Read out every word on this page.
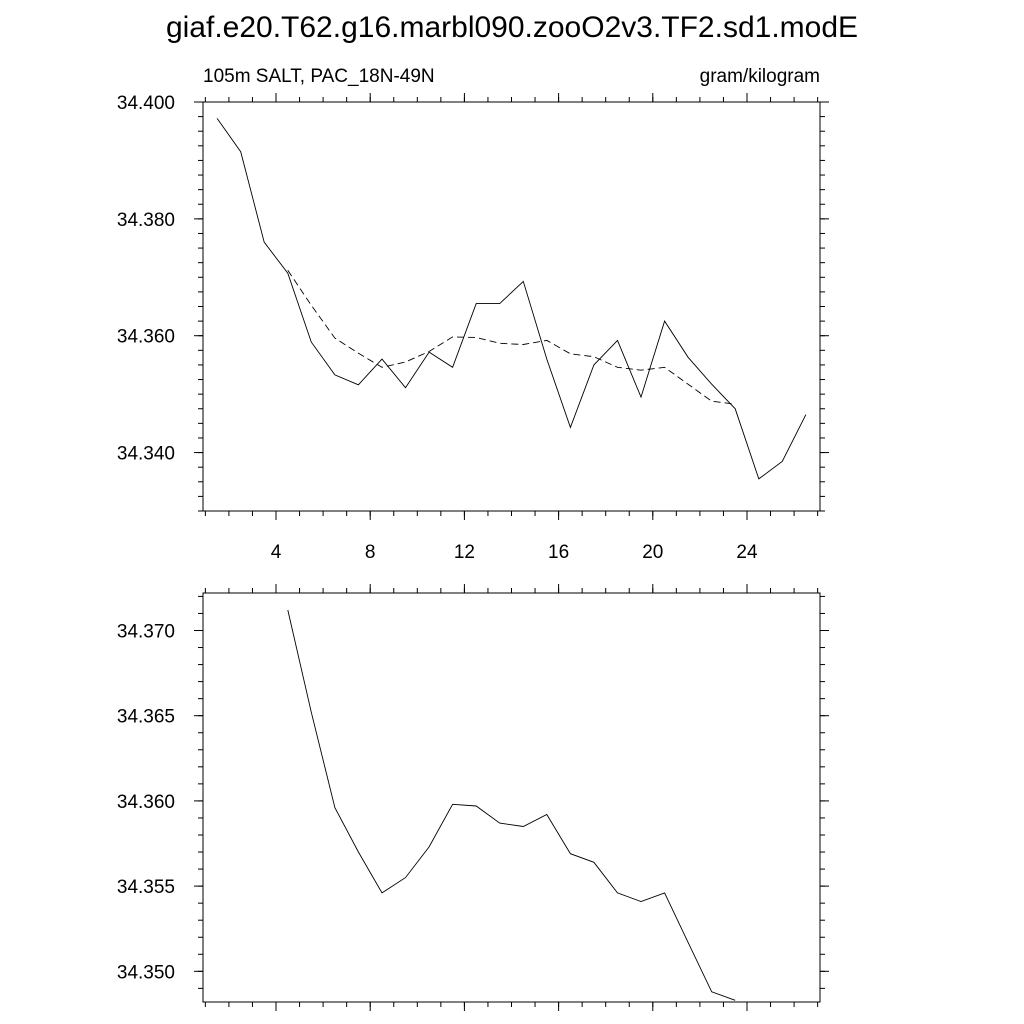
giaf.e20.T62.g16.marbl090.zooO2v3.TF2.sd1.modE
105m SALT, PAC_18N-49N	gram/kilogram
4	8	12	16	20	24
34.340
34.360
34.380
34.400
34.350
34.355
34.360
34.365
34.370
